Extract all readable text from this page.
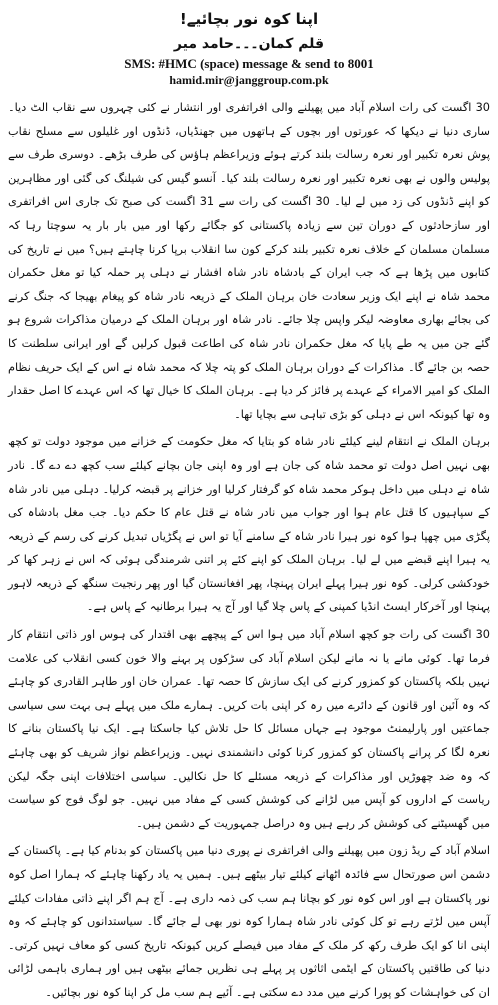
اپنا کوہ نور بچائیے!
قلم کمان۔۔۔حامد میر
SMS: #HMC (space) message & send to 8001
hamid.mir@janggroup.com.pk

30 اگست کی رات اسلام آباد میں پھیلنے والی افراتفری اور انتشار نے کئی چہروں سے نقاب الٹ دیا۔ ساری دنیا نے دیکھا کہ عورتوں اور بچوں کے ہاتھوں میں جھنڈیاں، ڈنڈوں اور غلیلوں سے مسلح نقاب پوش نعرہ تکبیر اور نعرہ رسالت بلند کرتے ہوئے وزیراعظم ہاؤس کی طرف بڑھے۔ دوسری طرف سے پولیس والوں نے بھی نعرہ تکبیر اور نعرہ رسالت بلند کیا۔ آنسو گیس کی شیلنگ کی گئی اور مظاہرین کو اپنے ڈنڈوں کی زد میں لے لیا۔ 30 اگست کی رات سے 31 اگست کی صبح تک جاری اس افراتفری اور سازحادثوں کے دوران تین سے زیادہ پاکستانی کو جگائے رکھا اور میں بار بار یہ سوچتا رہا کہ مسلمان مسلمان کے خلاف نعرہ تکبیر بلند کرکے کون سا انقلاب برپا کرنا چاہتے ہیں؟ میں نے تاریخ کی کتابوں میں پڑھا ہے کہ جب ایران کے بادشاہ نادر شاہ افشار نے دہلی پر حملہ کیا تو مغل حکمران محمد شاہ نے اپنے ایک وزیر سعادت خان برہان الملک کے ذریعہ نادر شاہ کو پیغام بھیجا کہ جنگ کرنے کی بجائے بھاری معاوضہ لیکر واپس چلا جائے۔ نادر شاہ اور برہان الملک کے درمیان مذاکرات شروع ہو گئے جن میں یہ طے پایا کہ مغل حکمران نادر شاہ کی اطاعت قبول کرلیں گے اور ایرانی سلطنت کا حصہ بن جائے گا۔ مذاکرات کے دوران برہان الملک کو پتہ چلا کہ محمد شاہ نے اس کے ایک حریف نظام الملک کو امیر الامراء کے عہدے پر فائز کر دیا ہے۔ برہان الملک کا خیال تھا کہ اس عہدے کا اصل حقدار وہ تھا کیونکہ اس نے دہلی کو بڑی تباہی سے بچایا تھا۔

برہان الملک نے انتقام لینے کیلئے نادر شاہ کو بتایا کہ مغل حکومت کے خزانے میں موجود دولت تو کچھ بھی نہیں اصل دولت تو محمد شاہ کی جان ہے اور وہ اپنی جان بچانے کیلئے سب کچھ دے دے گا۔ نادر شاہ نے دہلی میں داخل ہوکر محمد شاہ کو گرفتار کرلیا اور خزانے پر قبضہ کرلیا۔ دہلی میں نادر شاہ کے سپاہیوں کا قتل عام ہوا اور جواب میں نادر شاہ نے قتل عام کا حکم دیا۔ جب مغل بادشاہ کی پگڑی میں چھپا ہوا کوہ نور ہیرا نادر شاہ کے سامنے آیا تو اس نے پگڑیاں تبدیل کرنے کی رسم کے ذریعہ یہ ہیرا اپنے قبضے میں لے لیا۔ برہان الملک کو اپنے کئے پر اتنی شرمندگی ہوئی کہ اس نے زہر کھا کر خودکشی کرلی۔ کوہ نور ہیرا پہلے ایران پہنچا، پھر افغانستان گیا اور پھر رنجیت سنگھ کے ذریعہ لاہور پہنچا اور آخرکار ایسٹ انڈیا کمپنی کے پاس چلا گیا اور آج یہ ہیرا برطانیہ کے پاس ہے۔

30 اگست کی رات جو کچھ اسلام آباد میں ہوا اس کے پیچھے بھی اقتدار کی ہوس اور ذاتی انتقام کار فرما تھا۔ کوئی مانے یا نہ مانے لیکن اسلام آباد کی سڑکوں پر بہنے والا خون کسی انقلاب کی علامت نہیں بلکہ پاکستان کو کمزور کرنے کی ایک سازش کا حصہ تھا۔ عمران خان اور طاہر القادری کو چاہئے کہ وہ آئین اور قانون کے دائرے میں رہ کر اپنی بات کریں۔ ہمارے ملک میں پہلے ہی بہت سی سیاسی جماعتیں اور پارلیمنٹ موجود ہے جہاں مسائل کا حل تلاش کیا جاسکتا ہے۔ ایک نیا پاکستان بنانے کا نعرہ لگا کر پرانے پاکستان کو کمزور کرنا کوئی دانشمندی نہیں۔ وزیراعظم نواز شریف کو بھی چاہئے کہ وہ ضد چھوڑیں اور مذاکرات کے ذریعہ مسئلے کا حل نکالیں۔ سیاسی اختلافات اپنی جگہ لیکن ریاست کے اداروں کو آپس میں لڑانے کی کوشش کسی کے مفاد میں نہیں۔ جو لوگ فوج کو سیاست میں گھسیٹنے کی کوشش کر رہے ہیں وہ دراصل جمہوریت کے دشمن ہیں۔

اسلام آباد کے ریڈ زون میں پھیلنے والی افراتفری نے پوری دنیا میں پاکستان کو بدنام کیا ہے۔ پاکستان کے دشمن اس صورتحال سے فائدہ اٹھانے کیلئے تیار بیٹھے ہیں۔ ہمیں یہ یاد رکھنا چاہئے کہ ہمارا اصل کوہ نور پاکستان ہے اور اس کوہ نور کو بچانا ہم سب کی ذمہ داری ہے۔ آج ہم اگر اپنے ذاتی مفادات کیلئے آپس میں لڑتے رہے تو کل کوئی نادر شاہ ہمارا کوہ نور بھی لے جائے گا۔ سیاستدانوں کو چاہئے کہ وہ اپنی انا کو ایک طرف رکھ کر ملک کے مفاد میں فیصلے کریں کیونکہ تاریخ کسی کو معاف نہیں کرتی۔ دنیا کی طاقتیں پاکستان کے ایٹمی اثاثوں پر پہلے ہی نظریں جمائے بیٹھی ہیں اور ہماری باہمی لڑائی ان کی خواہشات کو پورا کرنے میں مدد دے سکتی ہے۔ آئیے ہم سب مل کر اپنا کوہ نور بچائیں۔
